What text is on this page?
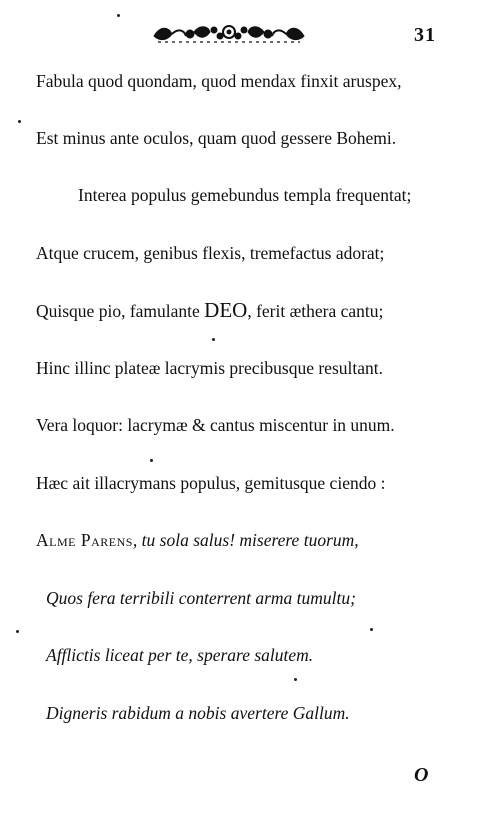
31
Fabula quod quondam, quod mendax finxit aruspex,
Est minus ante oculos, quam quod gessere Bohemi.
Interea populus gemebundus templa frequentat;
Atque crucem, genibus flexis, tremefactus adorat;
Quisque pio, famulante DEO, ferit æthera cantu;
Hinc illinc plateæ lacrymis precibusque resultant.
Vera loquor: lacrymæ & cantus miscentur in unum.
Hæc ait illacrymans populus, gemitusque ciendo :
Alme Parens, tu sola salus! miserere tuorum,
Quos fera terribili conterrent arma tumultu;
Afflictis liceat per te, sperare salutem.
Digneris rabidum a nobis avertere Gallum.
O
